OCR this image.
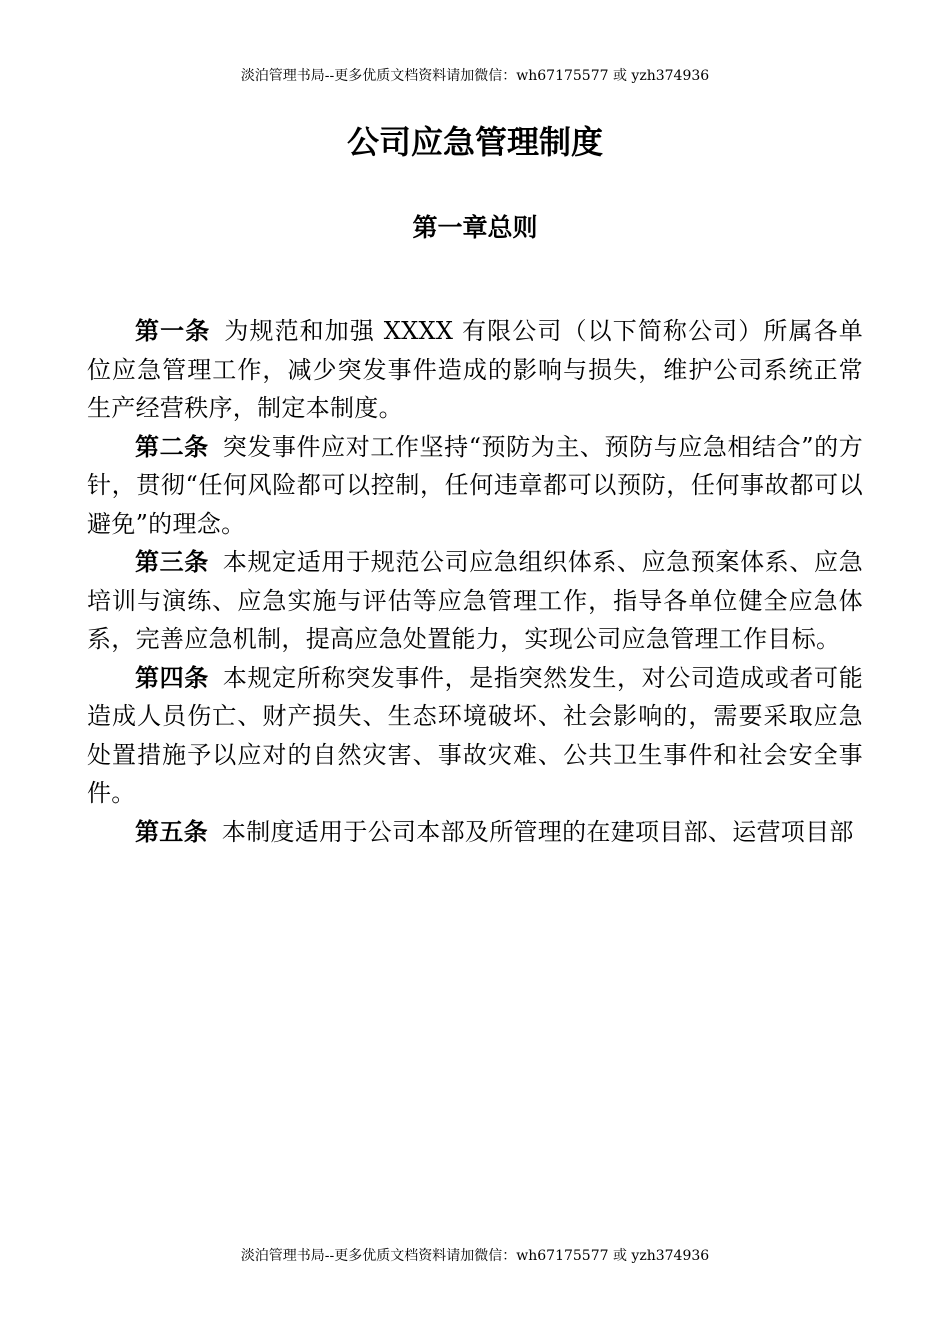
淡泊管理书局--更多优质文档资料请加微信：wh67175577 或 yzh374936
公司应急管理制度
第一章总则

第一条 为规范和加强 XXXX 有限公司（以下简称公司）所属各单位应急管理工作，减少突发事件造成的影响与损失，维护公司系统正常生产经营秩序，制定本制度。

第二条 突发事件应对工作坚持“预防为主、预防与应急相结合”的方针，贯彻“任何风险都可以控制，任何违章都可以预防，任何事故都可以避免”的理念。

第三条 本规定适用于规范公司应急组织体系、应急预案体系、应急培训与演练、应急实施与评估等应急管理工作，指导各单位健全应急体系，完善应急机制，提高应急处置能力，实现公司应急管理工作目标。

第四条 本规定所称突发事件，是指突然发生，对公司造成或者可能造成人员伤亡、财产损失、生态环境破坏、社会影响的，需要采取应急处置措施予以应对的自然灾害、事故灾难、公共卫生事件和社会安全事件。

第五条 本制度适用于公司本部及所管理的在建项目部、运营项目部

淡泊管理书局--更多优质文档资料请加微信：wh67175577 或 yzh374936
